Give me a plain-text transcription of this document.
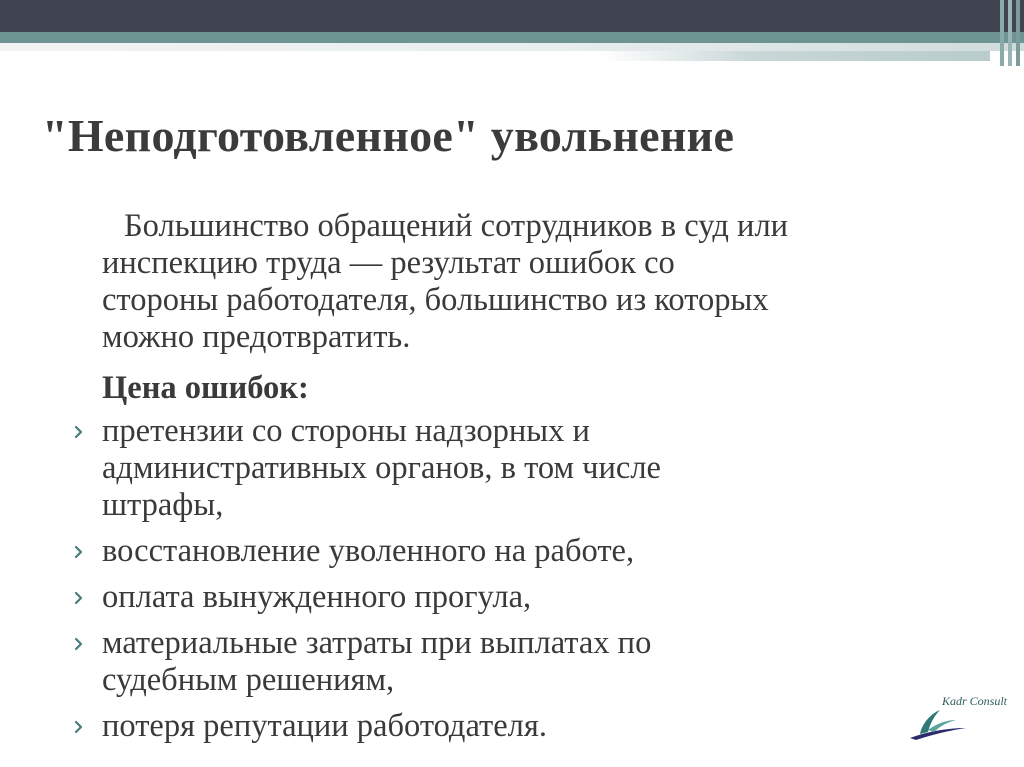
"Неподготовленное" увольнение

Большинство обращений сотрудников в суд или
инспекцию труда — результат ошибок со
стороны работодателя, большинство из которых
можно предотвратить.

Цена ошибок:

претензии со стороны надзорных и
административных органов, в том числе
штрафы,
восстановление уволенного на работе,
оплата вынужденного прогула,
материальные затраты при выплатах по
судебным решениям,
потеря репутации работодателя.
Kadr Consult
